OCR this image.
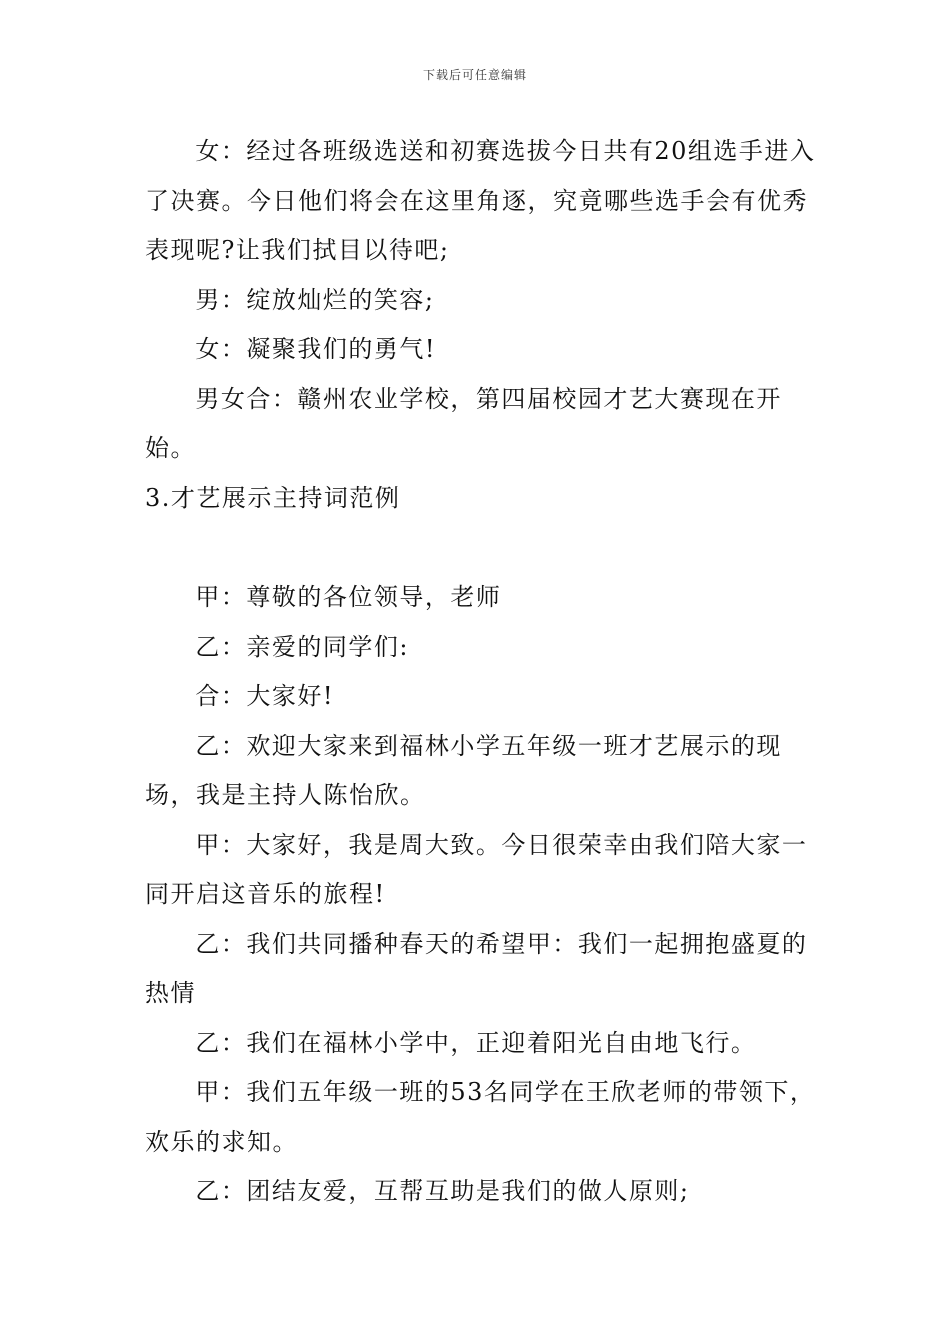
下载后可任意编辑

女：经过各班级选送和初赛选拔今日共有20组选手进入了决赛。今日他们将会在这里角逐，究竟哪些选手会有优秀表现呢?让我们拭目以待吧;

男：绽放灿烂的笑容;

女：凝聚我们的勇气!

男女合：赣州农业学校，第四届校园才艺大赛现在开始。

3.才艺展示主持词范例

甲：尊敬的各位领导，老师

乙：亲爱的同学们:

合：大家好!

乙：欢迎大家来到福林小学五年级一班才艺展示的现场，我是主持人陈怡欣。

甲：大家好，我是周大致。今日很荣幸由我们陪大家一同开启这音乐的旅程!

乙：我们共同播种春天的希望甲：我们一起拥抱盛夏的热情

乙：我们在福林小学中，正迎着阳光自由地飞行。

甲：我们五年级一班的53名同学在王欣老师的带领下，欢乐的求知。

乙：团结友爱，互帮互助是我们的做人原则;
